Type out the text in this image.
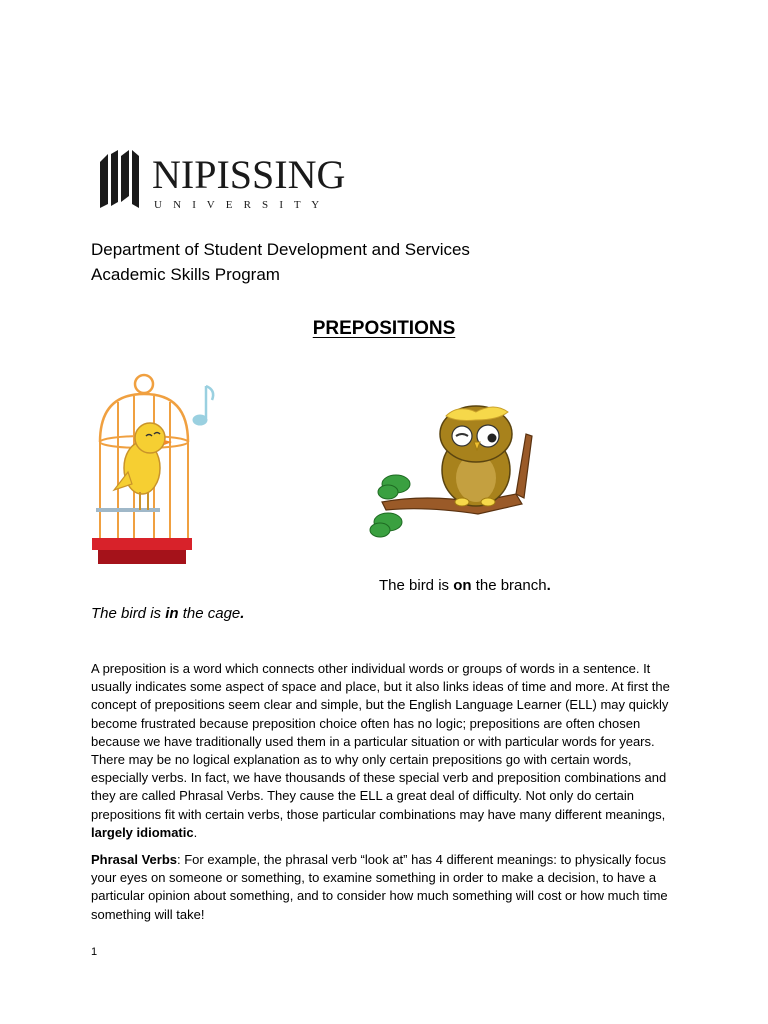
NIPISSING
U N I V E R S I T Y
Department of Student Development and Services
Academic Skills Program
PREPOSITIONS
The bird is on the branch.
The bird is in the cage.
A preposition is a word which connects other individual words or groups of words in a sentence. It usually indicates some aspect of space and place, but it also links ideas of time and more. At first the concept of prepositions seem clear and simple, but the English Language Learner (ELL) may quickly become frustrated because preposition choice often has no logic; prepositions are often chosen because we have traditionally used them in a particular situation or with particular words for years. There may be no logical explanation as to why only certain prepositions go with certain words, especially verbs. In fact, we have thousands of these special verb and preposition combinations and they are called Phrasal Verbs. They cause the ELL a great deal of difficulty. Not only do certain prepositions fit with certain verbs, those particular combinations may have many different meanings, largely idiomatic.
Phrasal Verbs: For example, the phrasal verb “look at” has 4 different meanings: to physically focus your eyes on someone or something, to examine something in order to make a decision, to have a particular opinion about something, and to consider how much something will cost or how much time something will take!
1
